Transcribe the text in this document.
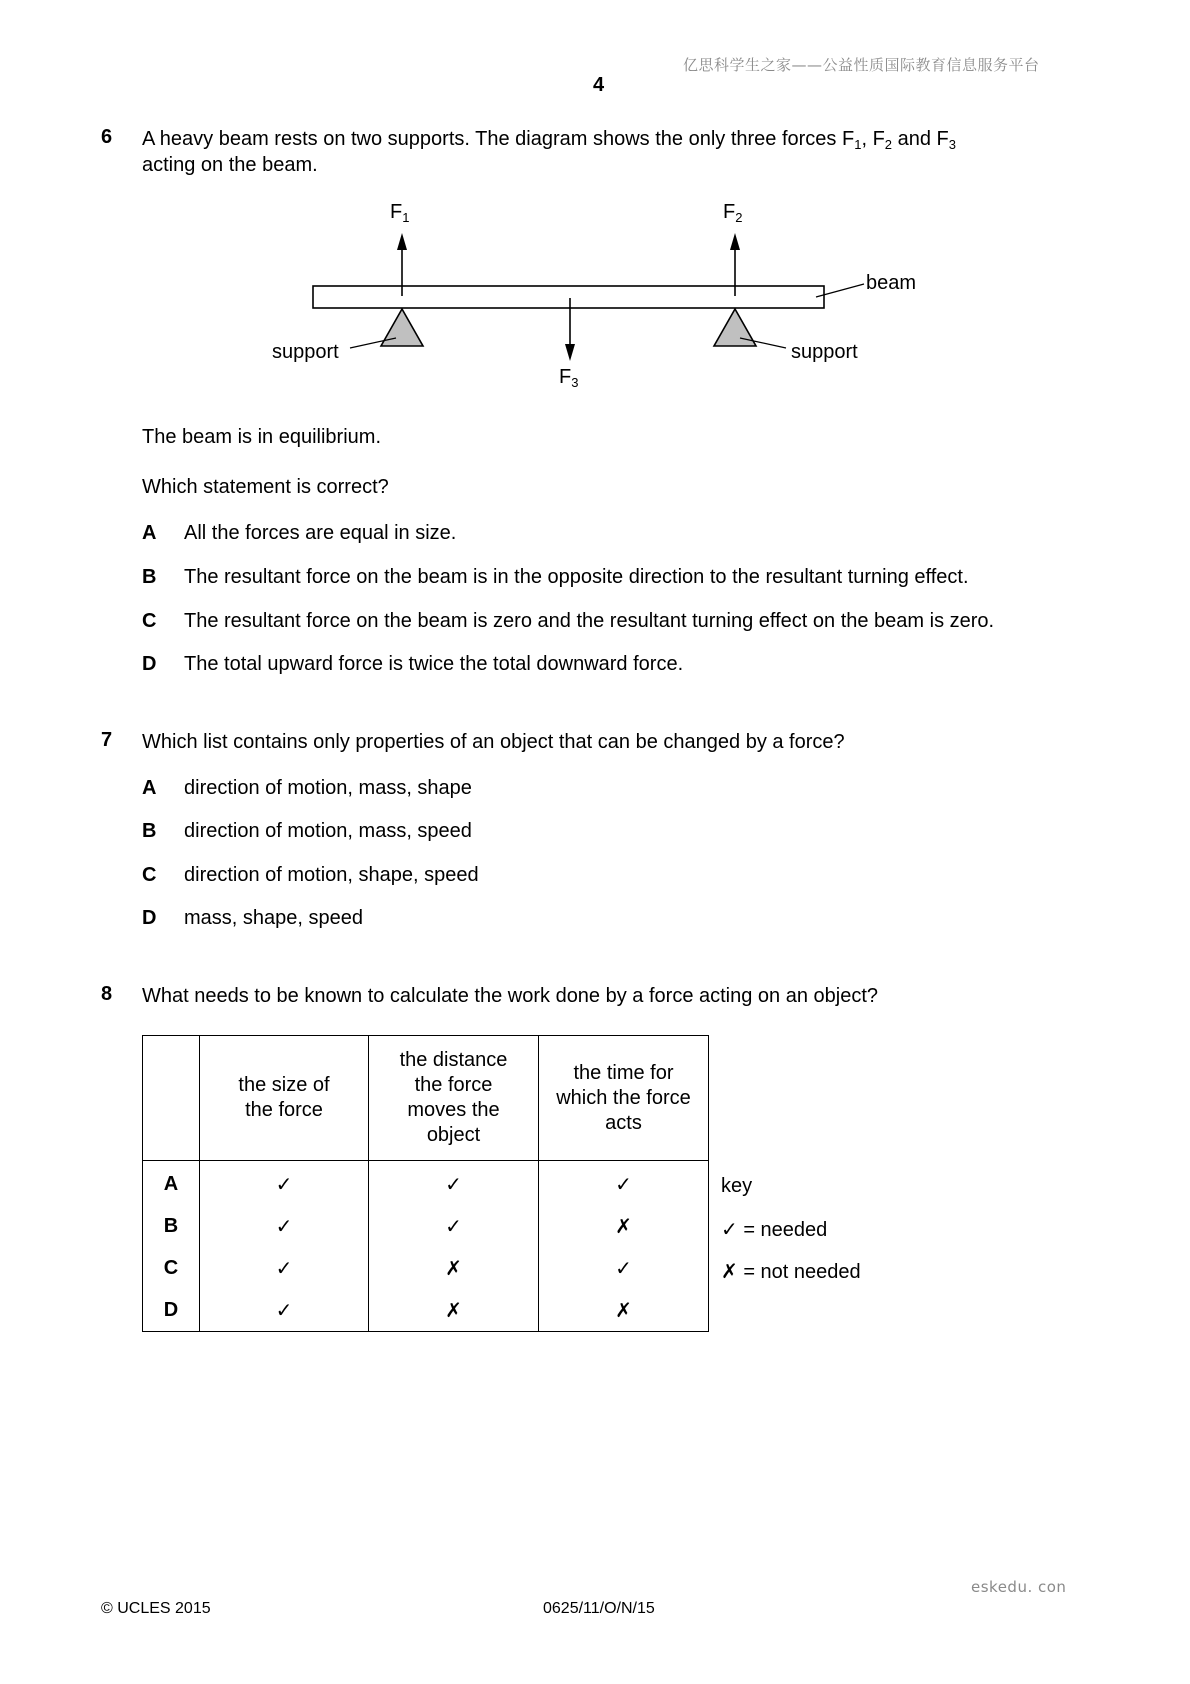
亿思科学生之家——公益性质国际教育信息服务平台
4
6 A heavy beam rests on two supports. The diagram shows the only three forces $F_1$, $F_2$ and $F_3$
acting on the beam.
$F_1$	$F_2$
$F_3$
beam
support	support
The beam is in equilibrium.
Which statement is correct?
A All the forces are equal in size.
B The resultant force on the beam is in the opposite direction to the resultant turning effect.
C The resultant force on the beam is zero and the resultant turning effect on the beam is zero.
D The total upward force is twice the total downward force.
7 Which list contains only properties of an object that can be changed by a force?
A direction of motion, mass, shape
B direction of motion, mass, speed
C direction of motion, shape, speed
D mass, shape, speed
8 What needs to be known to calculate the work done by a force acting on an object?
	the size of the force	the distance the force moves the object	the time for which the force acts
A	✓	✓	✓
B	✓	✓	✗
C	✓	✗	✓
D	✓	✗	✗
key
✓ = needed
✗ = not needed
eskedu. con
© UCLES 2015	0625/11/O/N/15
